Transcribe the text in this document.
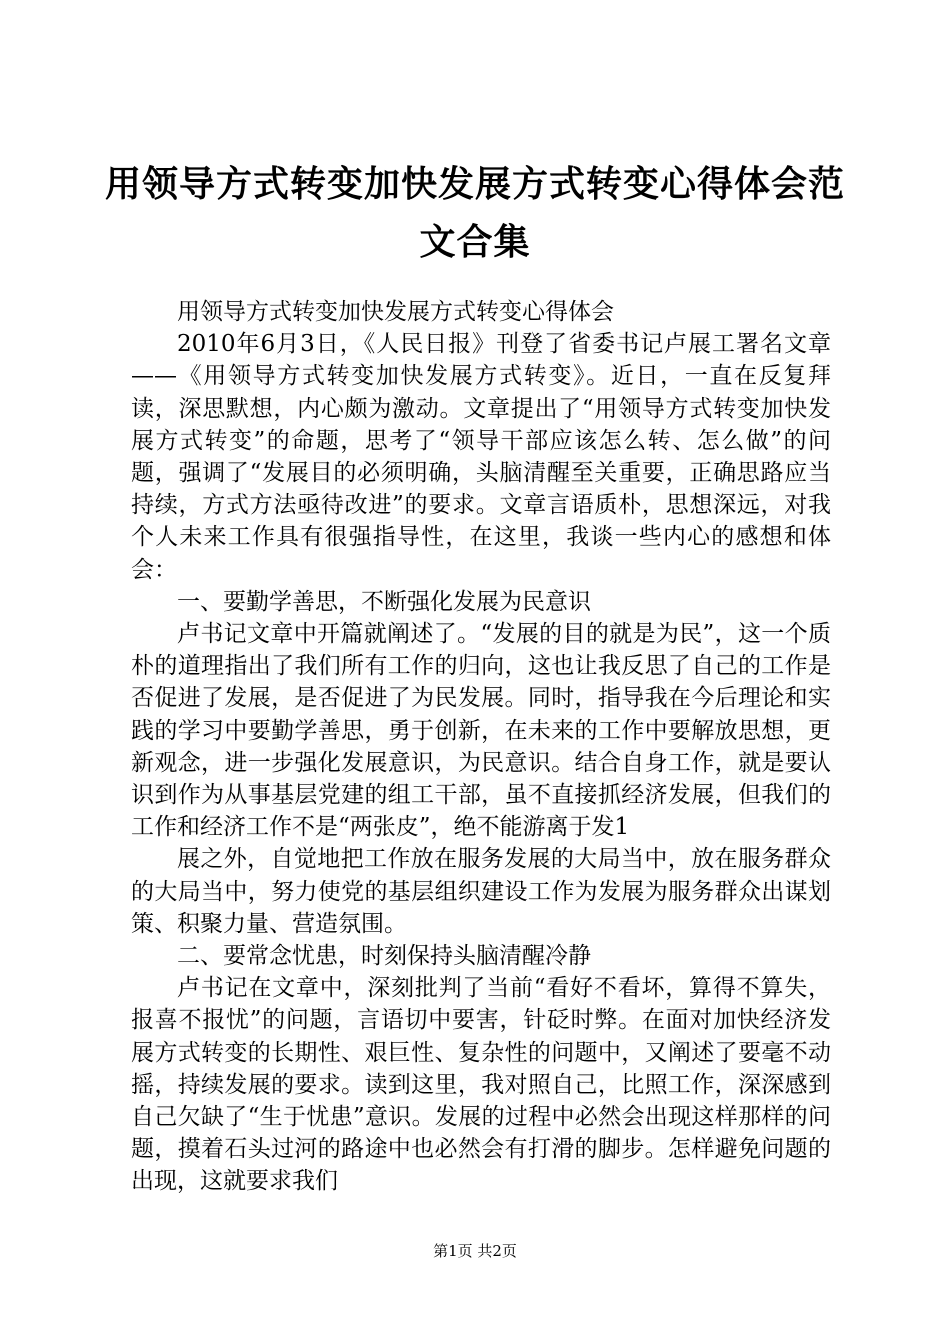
用领导方式转变加快发展方式转变心得体会范文合集

用领导方式转变加快发展方式转变心得体会

2010年6月3日，《人民日报》刊登了省委书记卢展工署名文章——《用领导方式转变加快发展方式转变》。近日，一直在反复拜读，深思默想，内心颇为激动。文章提出了“用领导方式转变加快发展方式转变”的命题，思考了“领导干部应该怎么转、怎么做”的问题，强调了“发展目的必须明确，头脑清醒至关重要，正确思路应当持续，方式方法亟待改进”的要求。文章言语质朴，思想深远，对我个人未来工作具有很强指导性，在这里，我谈一些内心的感想和体会：

一、要勤学善思，不断强化发展为民意识

卢书记文章中开篇就阐述了。“发展的目的就是为民”，这一个质朴的道理指出了我们所有工作的归向，这也让我反思了自己的工作是否促进了发展，是否促进了为民发展。同时，指导我在今后理论和实践的学习中要勤学善思，勇于创新，在未来的工作中要解放思想，更新观念，进一步强化发展意识，为民意识。结合自身工作，就是要认识到作为从事基层党建的组工干部，虽不直接抓经济发展，但我们的工作和经济工作不是“两张皮”，绝不能游离于发1

展之外，自觉地把工作放在服务发展的大局当中，放在服务群众的大局当中，努力使党的基层组织建设工作为发展为服务群众出谋划策、积聚力量、营造氛围。

二、要常念忧患，时刻保持头脑清醒冷静

卢书记在文章中，深刻批判了当前“看好不看坏，算得不算失，报喜不报忧”的问题，言语切中要害，针砭时弊。在面对加快经济发展方式转变的长期性、艰巨性、复杂性的问题中，又阐述了要毫不动摇，持续发展的要求。读到这里，我对照自己，比照工作，深深感到自己欠缺了“生于忧患”意识。发展的过程中必然会出现这样那样的问题，摸着石头过河的路途中也必然会有打滑的脚步。怎样避免问题的出现，这就要求我们

第1页 共2页
